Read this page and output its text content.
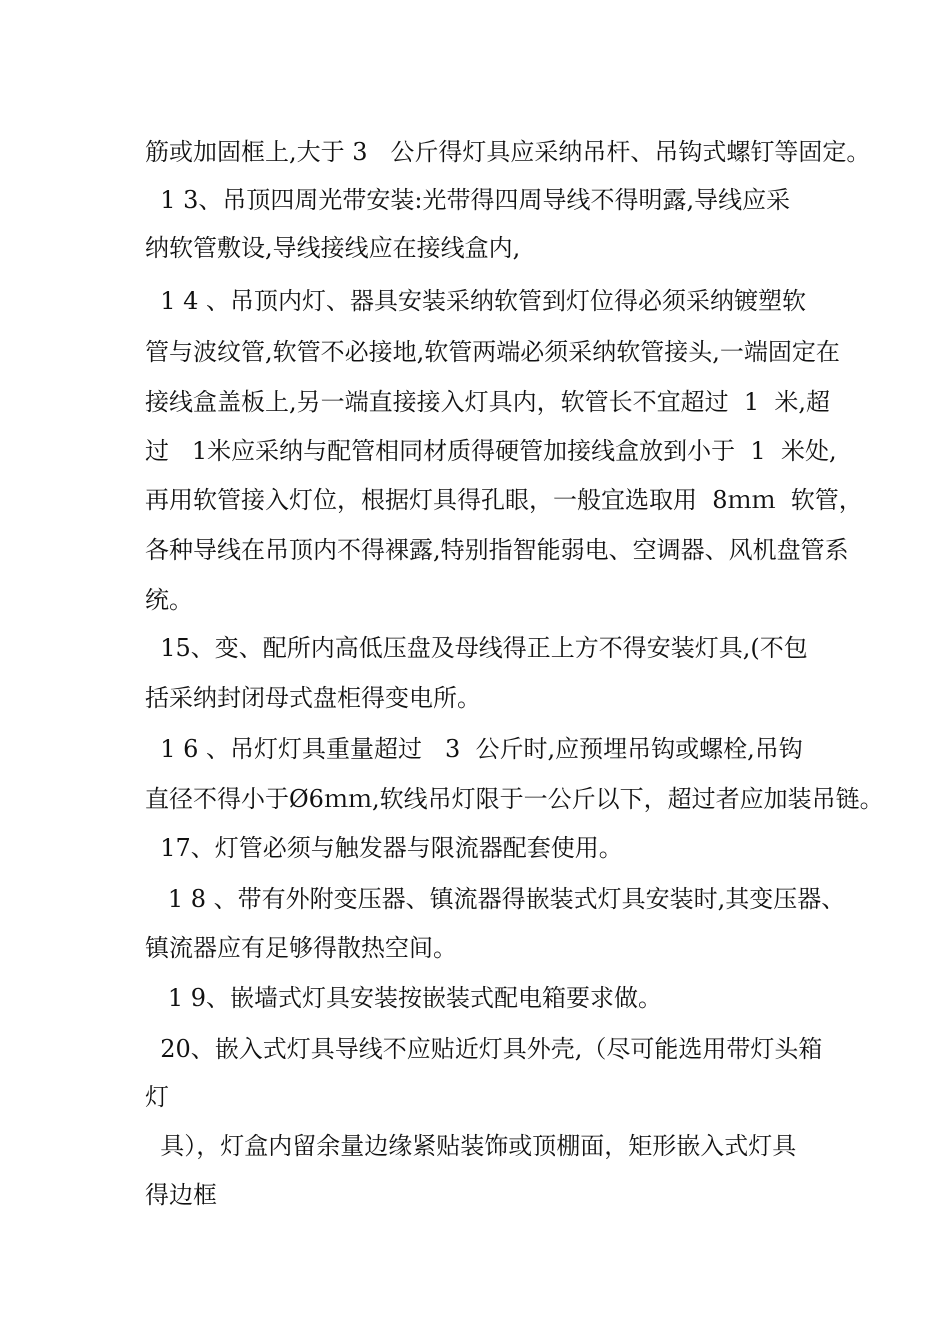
筋或加固框上,大于 3   公斤得灯具应采纳吊杆、吊钩式螺钉等固定。
1 3、吊顶四周光带安装:光带得四周导线不得明露,导线应采
纳软管敷设,导线接线应在接线盒内,
1 4 、吊顶内灯、器具安装采纳软管到灯位得必须采纳镀塑软
管与波纹管,软管不必接地,软管两端必须采纳软管接头,一端固定在
接线盒盖板上,另一端直接接入灯具内，软管长不宜超过  1  米,超
过   1米应采纳与配管相同材质得硬管加接线盒放到小于  1  米处,
再用软管接入灯位，根据灯具得孔眼，一般宜选取用  8ｍｍ  软管，
各种导线在吊顶内不得裸露,特别指智能弱电、空调器、风机盘管系
统。
15、变、配所内高低压盘及母线得正上方不得安装灯具,(不包
括采纳封闭母式盘柜得变电所。
1 6 、吊灯灯具重量超过   3  公斤时,应预埋吊钩或螺栓,吊钩
直径不得小于Ø6ｍｍ,软线吊灯限于一公斤以下，超过者应加装吊链。
17、灯管必须与触发器与限流器配套使用。
1 8 、带有外附变压器、镇流器得嵌装式灯具安装时,其变压器、
镇流器应有足够得散热空间。
1 9、嵌墙式灯具安装按嵌装式配电箱要求做。
20、嵌入式灯具导线不应贴近灯具外壳,（尽可能选用带灯头箱
灯
具），灯盒内留余量边缘紧贴装饰或顶棚面，矩形嵌入式灯具
得边框
